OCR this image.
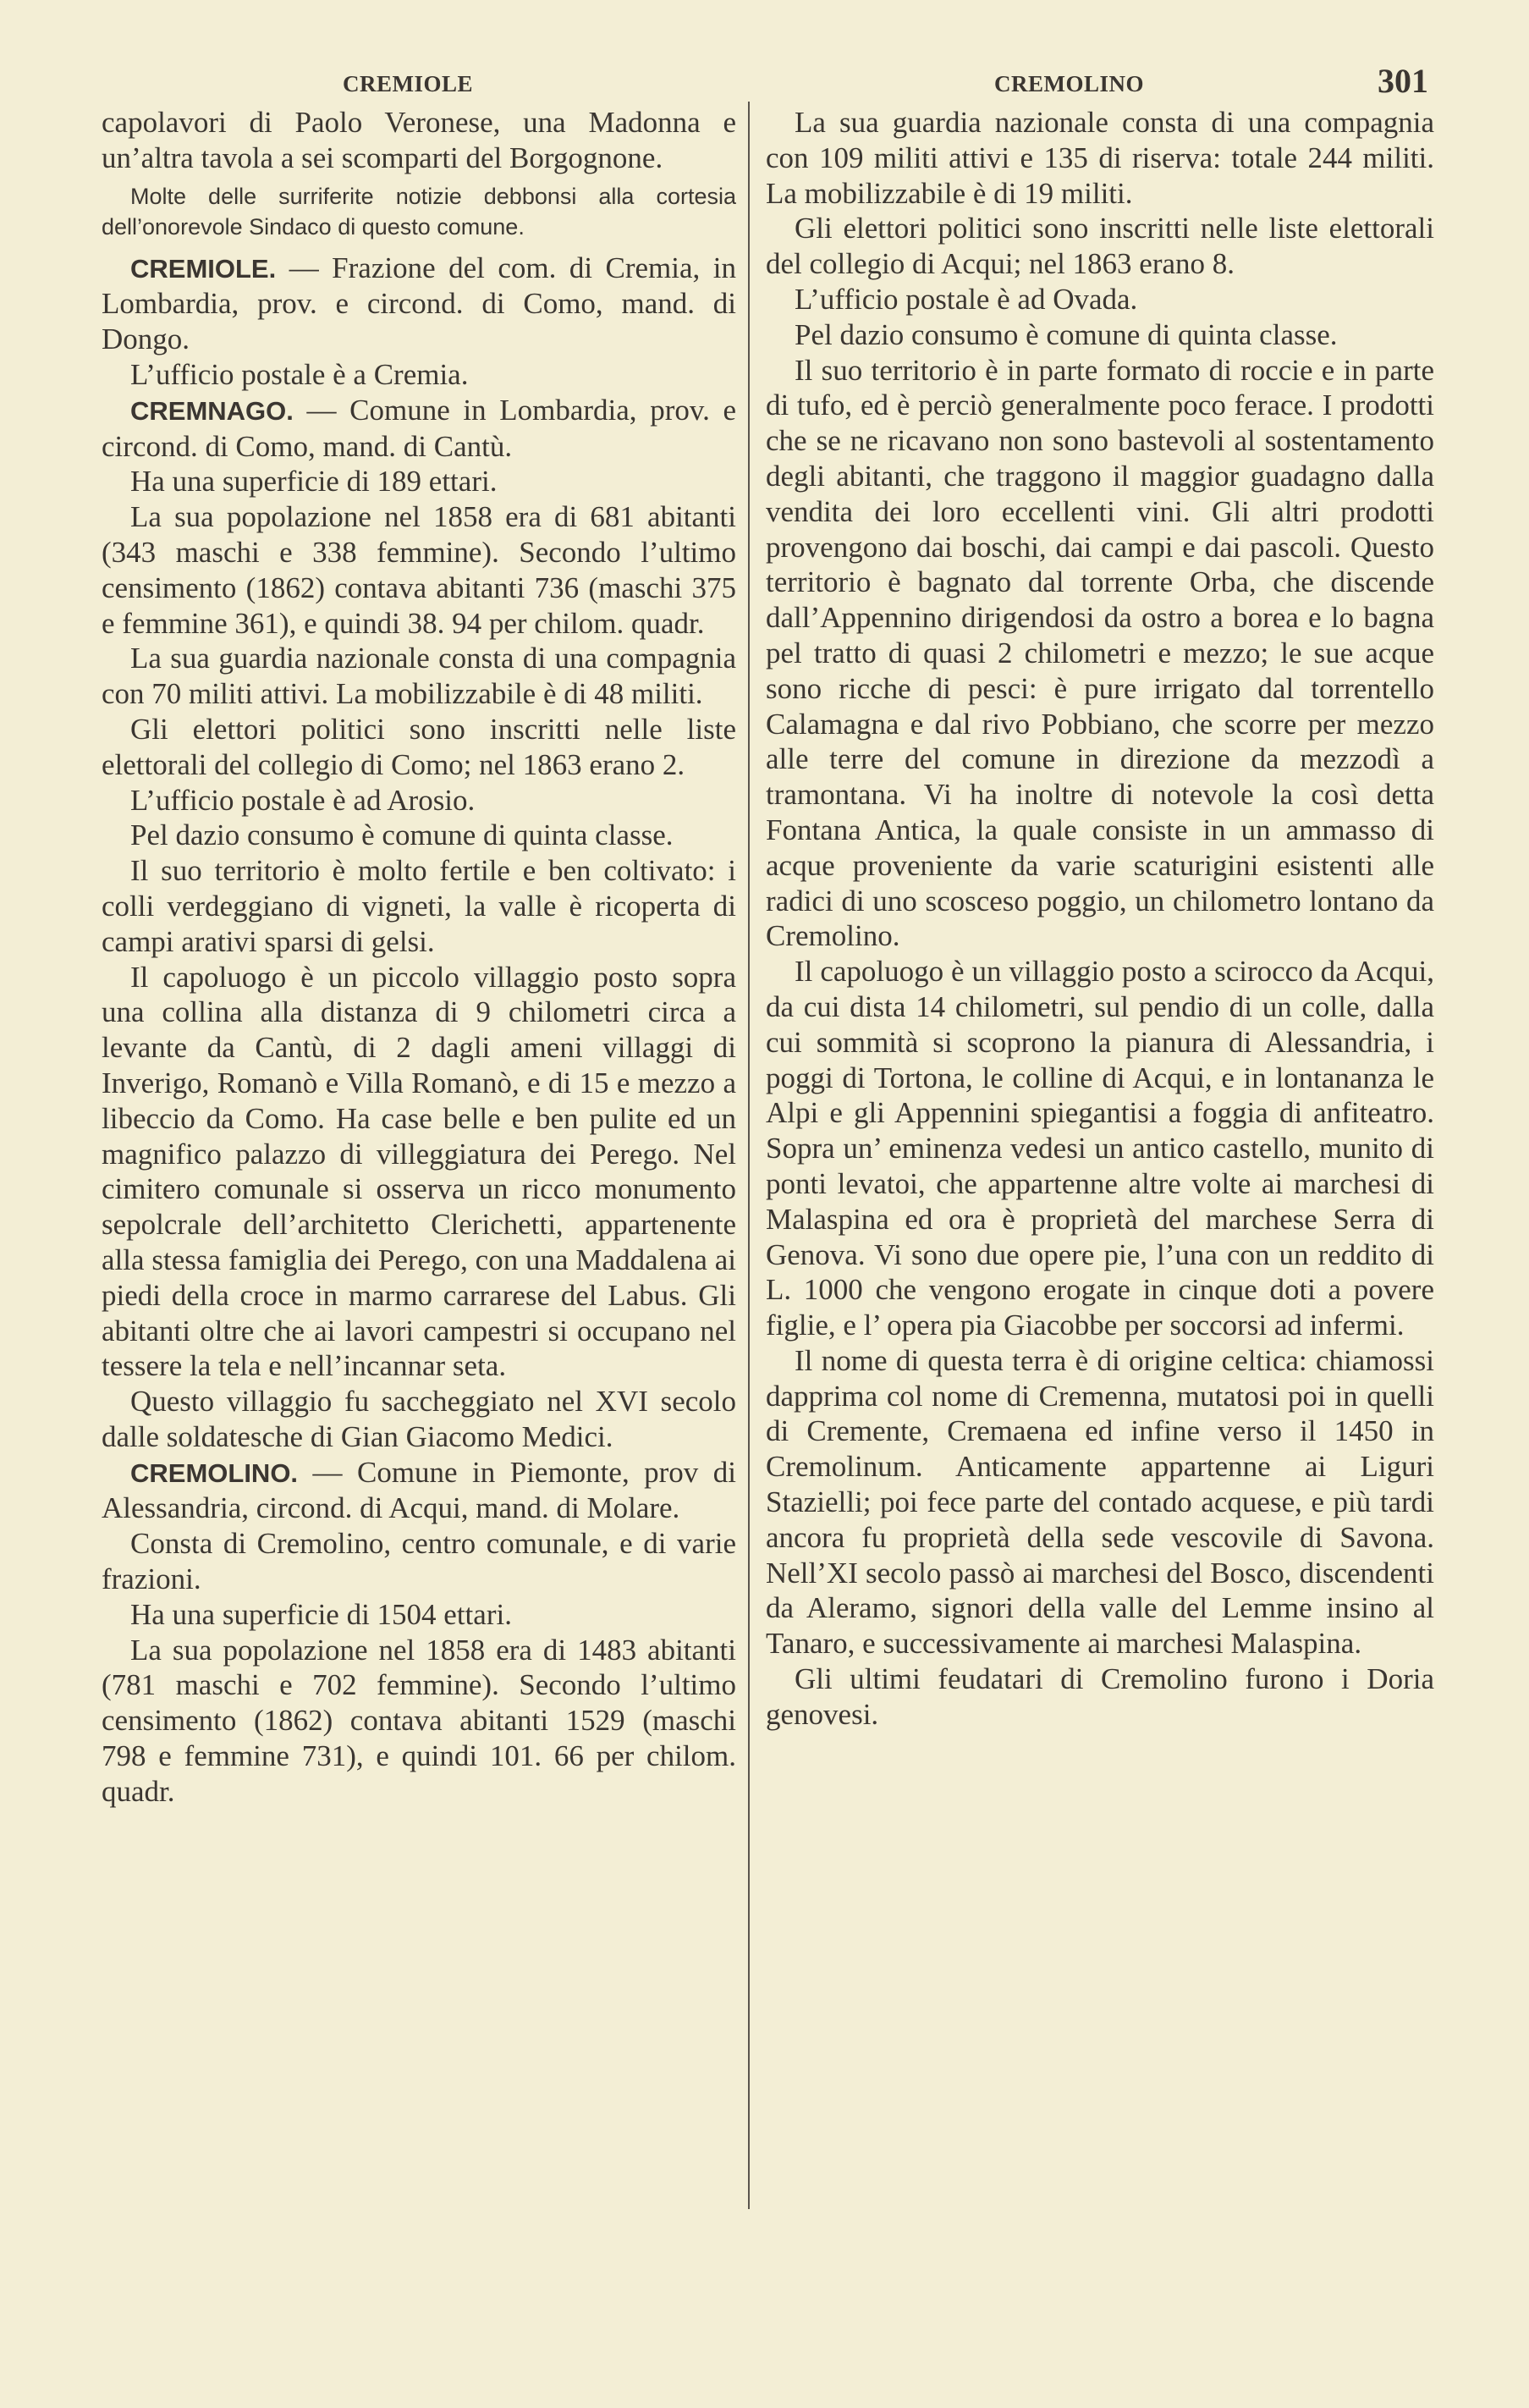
CREMIOLE	CREMOLINO	301

capolavori di Paolo Veronese, una Madonna e un’altra tavola a sei scomparti del Borgognone.

Molte delle surriferite notizie debbonsi alla cortesia dell’onorevole Sindaco di questo comune.

CREMIOLE. — Frazione del com. di Cremia, in Lombardia, prov. e circond. di Como, mand. di Dongo.

L’ufficio postale è a Cremia.

CREMNAGO. — Comune in Lombardia, prov. e circond. di Como, mand. di Cantù.

Ha una superficie di 189 ettari.

La sua popolazione nel 1858 era di 681 abitanti (343 maschi e 338 femmine). Secondo l’ultimo censimento (1862) contava abitanti 736 (maschi 375 e femmine 361), e quindi 38. 94 per chilom. quadr.

La sua guardia nazionale consta di una compagnia con 70 militi attivi. La mobilizzabile è di 48 militi.

Gli elettori politici sono inscritti nelle liste elettorali del collegio di Como; nel 1863 erano 2.

L’ufficio postale è ad Arosio.

Pel dazio consumo è comune di quinta classe.

Il suo territorio è molto fertile e ben coltivato: i colli verdeggiano di vigneti, la valle è ricoperta di campi arativi sparsi di gelsi.

Il capoluogo è un piccolo villaggio posto sopra una collina alla distanza di 9 chilometri circa a levante da Cantù, di 2 dagli ameni villaggi di Inverigo, Romanò e Villa Romanò, e di 15 e mezzo a libeccio da Como. Ha case belle e ben pulite ed un magnifico palazzo di villeggiatura dei Perego. Nel cimitero comunale si osserva un ricco monumento sepolcrale dell’architetto Clerichetti, appartenente alla stessa famiglia dei Perego, con una Maddalena ai piedi della croce in marmo carrarese del Labus. Gli abitanti oltre che ai lavori campestri si occupano nel tessere la tela e nell’incannar seta.

Questo villaggio fu saccheggiato nel XVI secolo dalle soldatesche di Gian Giacomo Medici.

CREMOLINO. — Comune in Piemonte, prov di Alessandria, circond. di Acqui, mand. di Molare.

Consta di Cremolino, centro comunale, e di varie frazioni.

Ha una superficie di 1504 ettari.

La sua popolazione nel 1858 era di 1483 abitanti (781 maschi e 702 femmine). Secondo l’ultimo censimento (1862) contava abitanti 1529 (maschi 798 e femmine 731), e quindi 101. 66 per chilom. quadr.

La sua guardia nazionale consta di una compagnia con 109 militi attivi e 135 di riserva: totale 244 militi. La mobilizzabile è di 19 militi.

Gli elettori politici sono inscritti nelle liste elettorali del collegio di Acqui; nel 1863 erano 8.

L’ufficio postale è ad Ovada.

Pel dazio consumo è comune di quinta classe.

Il suo territorio è in parte formato di roccie e in parte di tufo, ed è perciò generalmente poco ferace. I prodotti che se ne ricavano non sono bastevoli al sostentamento degli abitanti, che traggono il maggior guadagno dalla vendita dei loro eccellenti vini. Gli altri prodotti provengono dai boschi, dai campi e dai pascoli. Questo territorio è bagnato dal torrente Orba, che discende dall’Appennino dirigendosi da ostro a borea e lo bagna pel tratto di quasi 2 chilometri e mezzo; le sue acque sono ricche di pesci: è pure irrigato dal torrentello Calamagna e dal rivo Pobbiano, che scorre per mezzo alle terre del comune in direzione da mezzodì a tramontana. Vi ha inoltre di notevole la così detta Fontana Antica, la quale consiste in un ammasso di acque proveniente da varie scaturigini esistenti alle radici di uno scosceso poggio, un chilometro lontano da Cremolino.

Il capoluogo è un villaggio posto a scirocco da Acqui, da cui dista 14 chilometri, sul pendio di un colle, dalla cui sommità si scoprono la pianura di Alessandria, i poggi di Tortona, le colline di Acqui, e in lontananza le Alpi e gli Appennini spiegantisi a foggia di anfiteatro. Sopra un’ eminenza vedesi un antico castello, munito di ponti levatoi, che appartenne altre volte ai marchesi di Malaspina ed ora è proprietà del marchese Serra di Genova. Vi sono due opere pie, l’una con un reddito di L. 1000 che vengono erogate in cinque doti a povere figlie, e l’ opera pia Giacobbe per soccorsi ad infermi.

Il nome di questa terra è di origine celtica: chiamossi dapprima col nome di Cremenna, mutatosi poi in quelli di Cremente, Cremaena ed infine verso il 1450 in Cremolinum. Anticamente appartenne ai Liguri Stazielli; poi fece parte del contado acquese, e più tardi ancora fu proprietà della sede vescovile di Savona. Nell’XI secolo passò ai marchesi del Bosco, discendenti da Aleramo, signori della valle del Lemme insino al Tanaro, e successivamente ai marchesi Malaspina.

Gli ultimi feudatari di Cremolino furono i Doria genovesi.
